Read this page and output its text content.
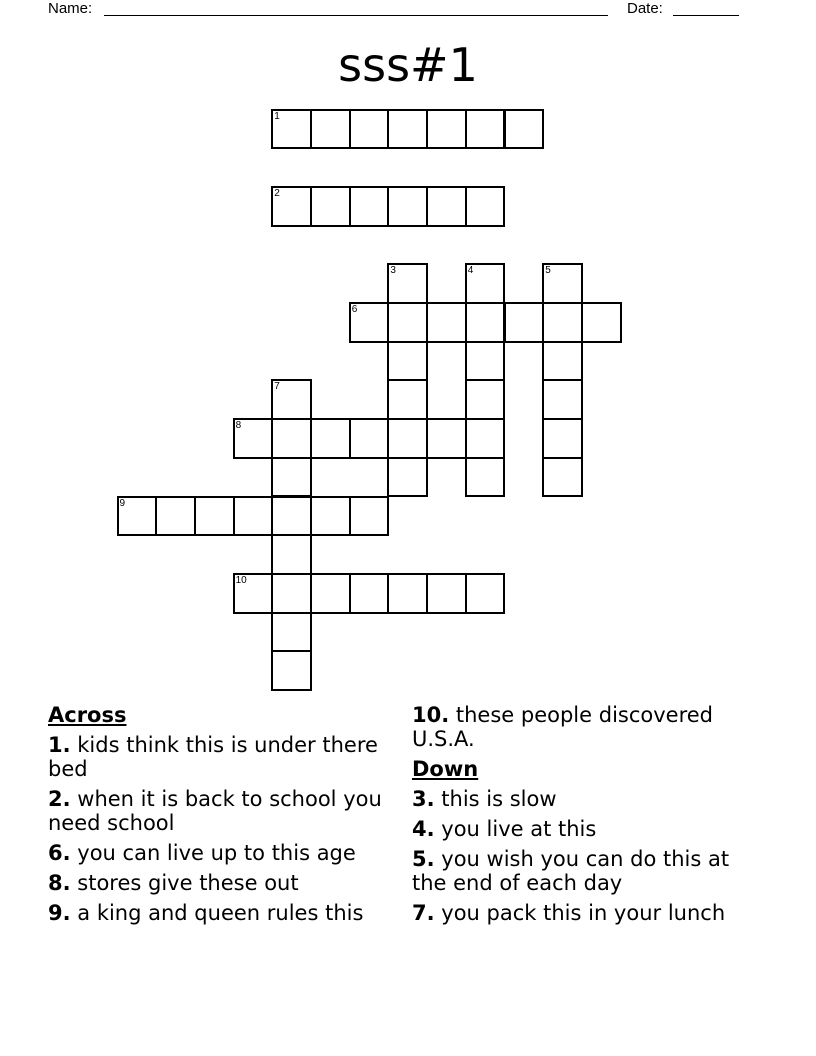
Name:	Date:
sss#1
1
2
6
8
9
10
3	4	5
7
Across
1. kids think this is under there bed
2. when it is back to school you need school
6. you can live up to this age
8. stores give these out
9. a king and queen rules this
10. these people discovered U.S.A.
Down
3. this is slow
4. you live at this
5. you wish you can do this at the end of each day
7. you pack this in your lunch
